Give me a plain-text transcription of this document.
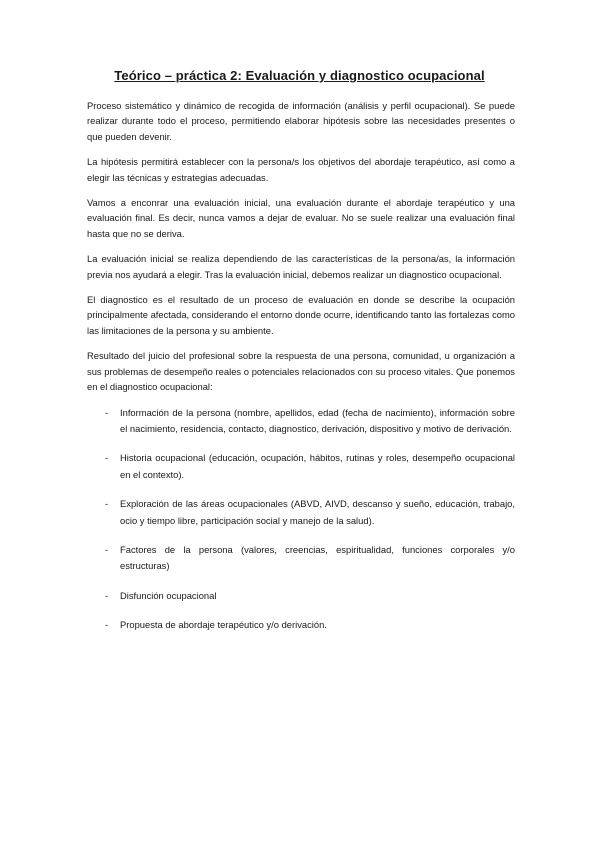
Teórico – práctica 2: Evaluación y diagnostico ocupacional

Proceso sistemático y dinámico de recogida de información (análisis y perfil ocupacional). Se puede realizar durante todo el proceso, permitiendo elaborar hipótesis sobre las necesidades presentes o que pueden devenir.

La hipótesis permitirá establecer con la persona/s los objetivos del abordaje terapéutico, así como a elegir las técnicas y estrategias adecuadas.

Vamos a enconrar una evaluación inicial, una evaluación durante el abordaje terapéutico y una evaluación final. Es decir, nunca vamos a dejar de evaluar. No se suele realizar una evaluación final hasta que no se deriva.

La evaluación inicial se realiza dependiendo de las características de la persona/as, la información previa nos ayudará a elegir. Tras la evaluación inicial, debemos realizar un diagnostico ocupacional.

El diagnostico es el resultado de un proceso de evaluación en donde se describe la ocupación principalmente afectada, considerando el entorno donde ocurre, identificando tanto las fortalezas como las limitaciones de la persona y su ambiente.

Resultado del juicio del profesional sobre la respuesta de una persona, comunidad, u organización a sus problemas de desempeño reales o potenciales relacionados con su proceso vitales. Que ponemos en el diagnostico ocupacional:

- Información de la persona (nombre, apellidos, edad (fecha de nacimiento), información sobre el nacimiento, residencia, contacto, diagnostico, derivación, dispositivo y motivo de derivación.
- Historia ocupacional (educación, ocupación, hábitos, rutinas y roles, desempeño ocupacional en el contexto).
- Exploración de las áreas ocupacionales (ABVD, AIVD, descanso y sueño, educación, trabajo, ocio y tiempo libre, participación social y manejo de la salud).
- Factores de la persona (valores, creencias, espiritualidad, funciones corporales y/o estructuras)
- Disfunción ocupacional
- Propuesta de abordaje terapéutico y/o derivación.
